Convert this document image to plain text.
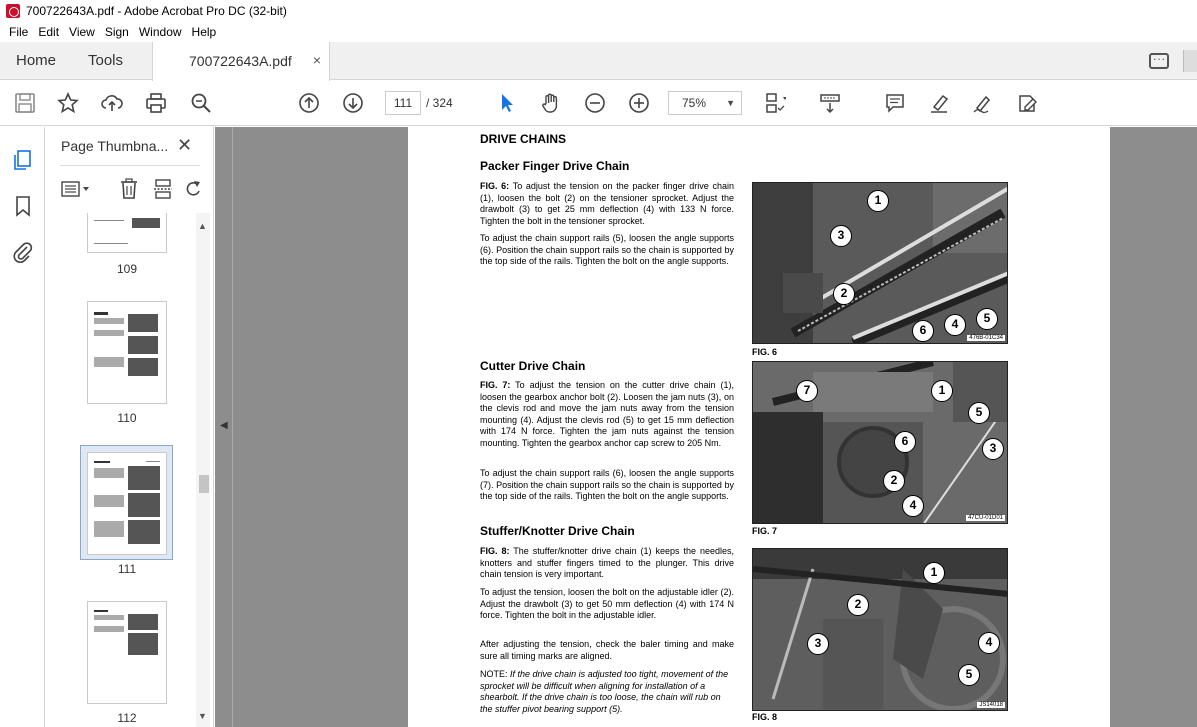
700722643A.pdf - Adobe Acrobat Pro DC (32-bit)
File Edit View Sign Window Help
Home Tools	700722643A.pdf ×
...
111	/ 324	75% ▼
Page Thumbna... ✕
109
110
111
112
▲
▼
◀
DRIVE CHAINS
Packer Finger Drive Chain
FIG. 6: To adjust the tension on the packer finger drive chain (1), loosen the bolt (2) on the tensioner sprocket. Adjust the drawbolt (3) to get 25 mm deflection (4) with 133 N force. Tighten the bolt in the tensioner sprocket.
To adjust the chain support rails (5), loosen the angle supports (6). Position the chain support rails so the chain is supported by the top side of the rails. Tighten the bolt on the angle supports.
1
3
2
6	4	5
476B-01C34
FIG. 6
Cutter Drive Chain
FIG. 7: To adjust the tension on the cutter drive chain (1), loosen the gearbox anchor bolt (2). Loosen the jam nuts (3), on the clevis rod and move the jam nuts away from the tension mounting (4). Adjust the clevis rod (5) to get 15 mm deflection with 174 N force. Tighten the jam nuts against the tension mounting. Tighten the gearbox anchor cap screw to 205 Nm.
To adjust the chain support rails (6), loosen the angle supports (7). Position the chain support rails so the chain is supported by the top side of the rails. Tighten the bolt on the angle supports.
7	1
5
6	3
2
4
47CU-01D01
FIG. 7
Stuffer/Knotter Drive Chain
FIG. 8: The stuffer/knotter drive chain (1) keeps the needles, knotters and stuffer fingers timed to the plunger. This drive chain tension is very important.
To adjust the tension, loosen the bolt on the adjustable idler (2). Adjust the drawbolt (3) to get 50 mm deflection (4) with 174 N force. Tighten the bolt in the adjustable idler.
After adjusting the tension, check the baler timing and make sure all timing marks are aligned.
NOTE: If the drive chain is adjusted too tight, movement of the sprocket will be difficult when aligning for installation of a shearbolt. If the drive chain is too loose, the chain will rub on the stuffer pivot bearing support (5).
1
2
3	4
5
JS14018
FIG. 8
